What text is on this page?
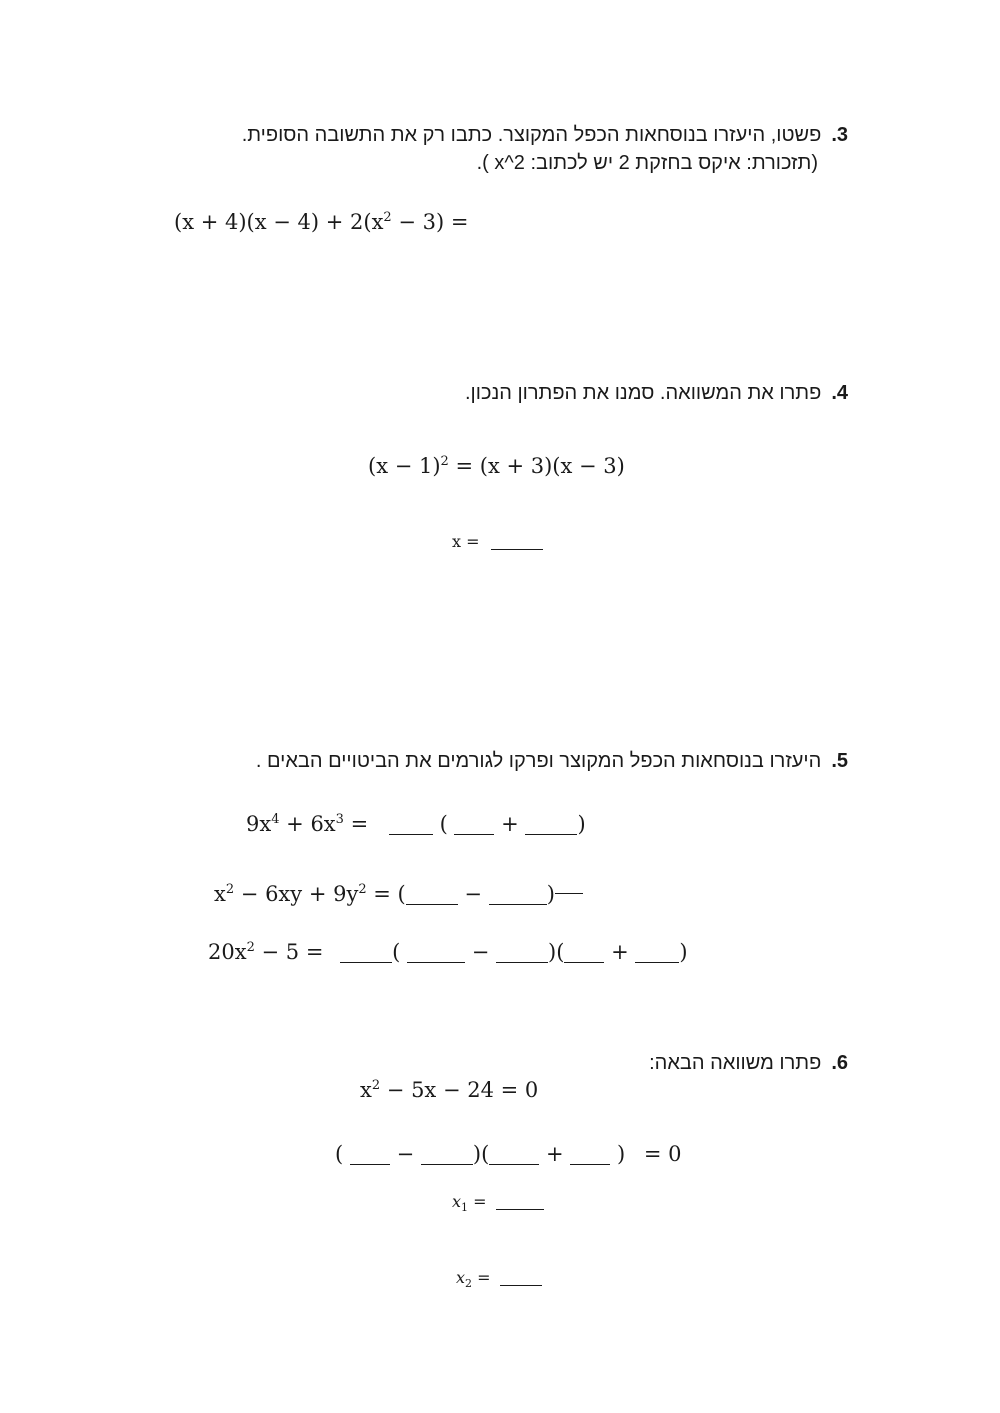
3.פשטו, היעזרו בנוסחאות הכפל המקוצר. כתבו רק את התשובה הסופית.
(תזכורת: איקס בחזקת 2 יש לכתוב: x^2 ).
$(x + 4)(x - 4) + 2(x^2 - 3)$ =
4.פתרו את המשוואה. סמנו את הפתרון הנכון.
$(x - 1)^2 = (x + 3)(x - 3)$
x =
5.היעזרו בנוסחאות הכפל המקוצר ופרקו לגורמים את הביטויים הבאים .
$9x^4 + 6x^3$ =	(	+	)
$x^2 - 6xy + 9y^2$ = (	−	)
$20x^2 - 5$ =	(	−	)( + )
6.פתרו משוואה הבאה:
$x^2 - 5x - 24 = 0$
(	−	)(	+	) = 0
$x_1$ =
$x_2$ =
